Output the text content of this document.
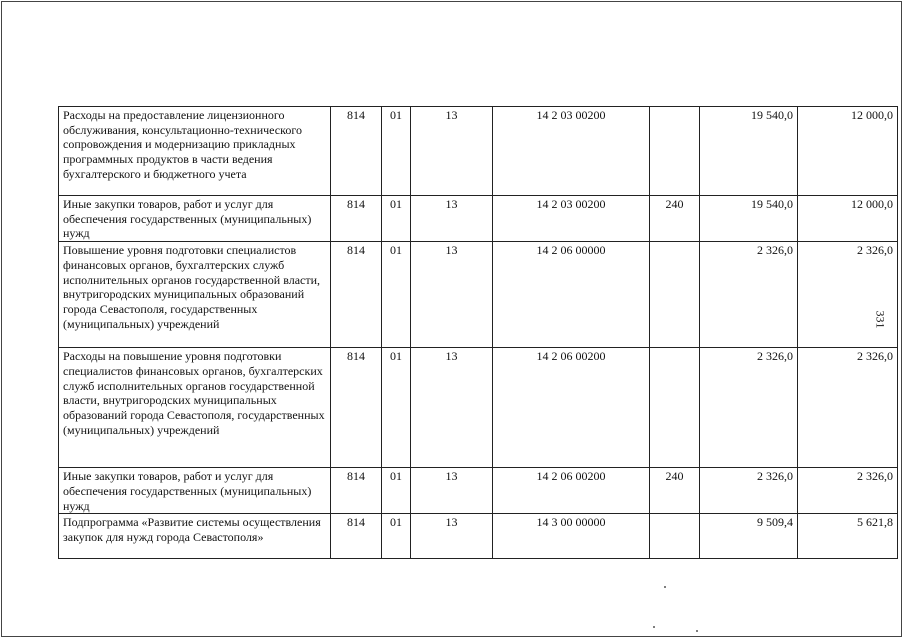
Расходы на предоставление лицензионного обслуживания, консультационно-технического сопровождения и модернизацию прикладных программных продуктов в части ведения бухгалтерского и бюджетного учета	814	01	13	14 2 03 00200		19 540,0	12 000,0
Иные закупки товаров, работ и услуг для обеспечения государственных (муниципальных) нужд	814	01	13	14 2 03 00200	240	19 540,0	12 000,0
Повышение уровня подготовки специалистов финансовых органов, бухгалтерских служб исполнительных органов государственной власти, внутригородских муниципальных образований города Севастополя, государственных (муниципальных) учреждений	814	01	13	14 2 06 00000		2 326,0	2 326,0
Расходы на повышение уровня подготовки специалистов финансовых органов, бухгалтерских служб исполнительных органов государственной власти, внутригородских муниципальных образований города Севастополя, государственных (муниципальных) учреждений	814	01	13	14 2 06 00200		2 326,0	2 326,0
Иные закупки товаров, работ и услуг для обеспечения государственных (муниципальных) нужд	814	01	13	14 2 06 00200	240	2 326,0	2 326,0
Подпрограмма «Развитие системы осуществления закупок для нужд города Севастополя»	814	01	13	14 3 00 00000		9 509,4	5 621,8
331
